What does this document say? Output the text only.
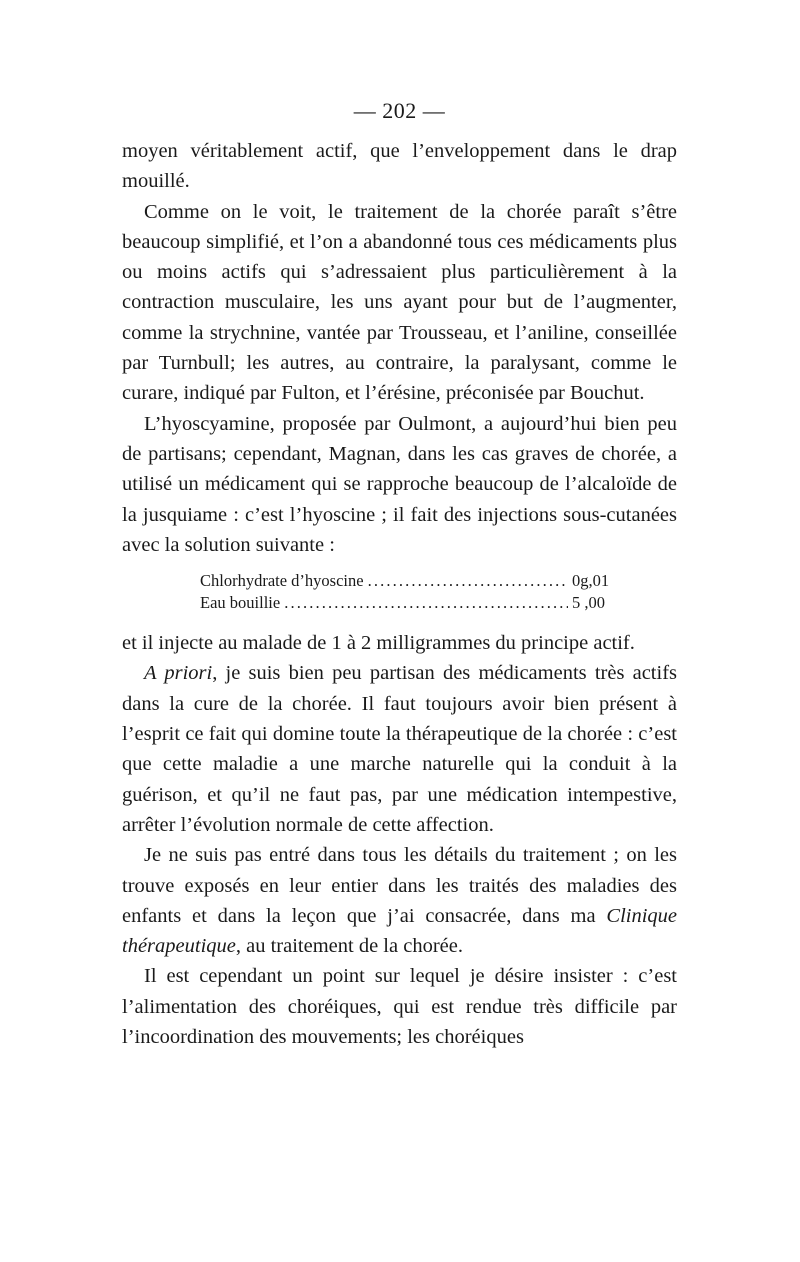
— 202 —

moyen véritablement actif, que l’enveloppement dans le drap mouillé.

Comme on le voit, le traitement de la chorée paraît s’être beaucoup simplifié, et l’on a abandonné tous ces médicaments plus ou moins actifs qui s’adressaient plus particulièrement à la contraction musculaire, les uns ayant pour but de l’augmenter, comme la strychnine, vantée par Trousseau, et l’aniline, conseillée par Turnbull; les autres, au contraire, la paralysant, comme le curare, indiqué par Fulton, et l’érésine, préconisée par Bouchut.

L’hyoscyamine, proposée par Oulmont, a aujourd’hui bien peu de partisans; cependant, Magnan, dans les cas graves de chorée, a utilisé un médicament qui se rapproche beaucoup de l’alcaloïde de la jusquiame : c’est l’hyoscine ; il fait des injections sous-cutanées avec la solution suivante :

Chlorhydrate d’hyoscine . . .	0g,01
Eau bouillie . . .	5 ,00

et il injecte au malade de 1 à 2 milligrammes du principe actif.

A priori, je suis bien peu partisan des médicaments très actifs dans la cure de la chorée. Il faut toujours avoir bien présent à l’esprit ce fait qui domine toute la thérapeutique de la chorée : c’est que cette maladie a une marche naturelle qui la conduit à la guérison, et qu’il ne faut pas, par une médication intempestive, arrêter l’évolution normale de cette affection.

Je ne suis pas entré dans tous les détails du traitement ; on les trouve exposés en leur entier dans les traités des maladies des enfants et dans la leçon que j’ai consacrée, dans ma Clinique thérapeutique, au traitement de la chorée.

Il est cependant un point sur lequel je désire insister : c’est l’alimentation des choréiques, qui est rendue très difficile par l’incoordination des mouvements; les choréiques
